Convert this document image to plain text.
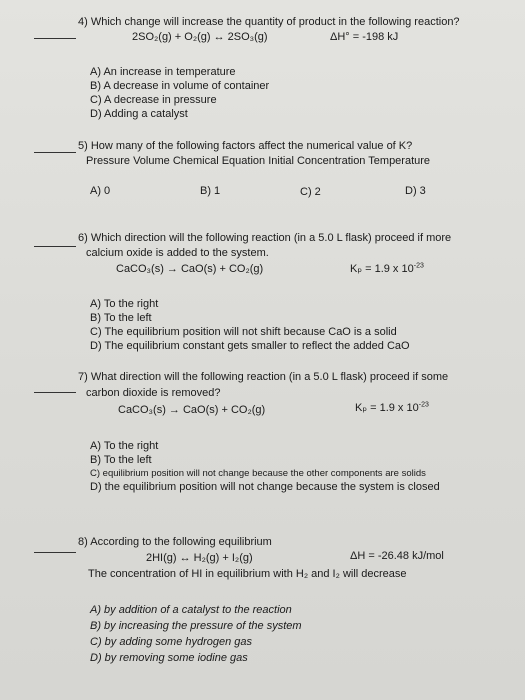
4) Which change will increase the quantity of product in the following reaction?
2SO₂(g) + O₂(g) ↔ 2SO₃(g)	ΔH° = -198 kJ
A) An increase in temperature
B) A decrease in volume of container
C) A decrease in pressure
D) Adding a catalyst
5) How many of the following factors affect the numerical value of K?
Pressure Volume Chemical Equation Initial Concentration Temperature
A) 0	B) 1	C) 2	D) 3
6) Which direction will the following reaction (in a 5.0 L flask) proceed if more
calcium oxide is added to the system.
CaCO₃(s) → CaO(s) + CO₂(g)	Kₚ = 1.9 x $10^{-23}$
A) To the right
B) To the left
C) The equilibrium position will not shift because CaO is a solid
D) The equilibrium constant gets smaller to reflect the added CaO
7) What direction will the following reaction (in a 5.0 L flask) proceed if some
carbon dioxide is removed?
CaCO₃(s) → CaO(s) + CO₂(g)	Kₚ = 1.9 x $10^{-23}$
A) To the right
B) To the left
C) equilibrium position will not change because the other components are solids
D) the equilibrium position will not change because the system is closed
8) According to the following equilibrium
2HI(g) ↔ H₂(g) + I₂(g)	ΔH = -26.48 kJ/mol
The concentration of HI in equilibrium with H₂ and I₂ will decrease
A) by addition of a catalyst to the reaction
B) by increasing the pressure of the system
C) by adding some hydrogen gas
D) by removing some iodine gas
